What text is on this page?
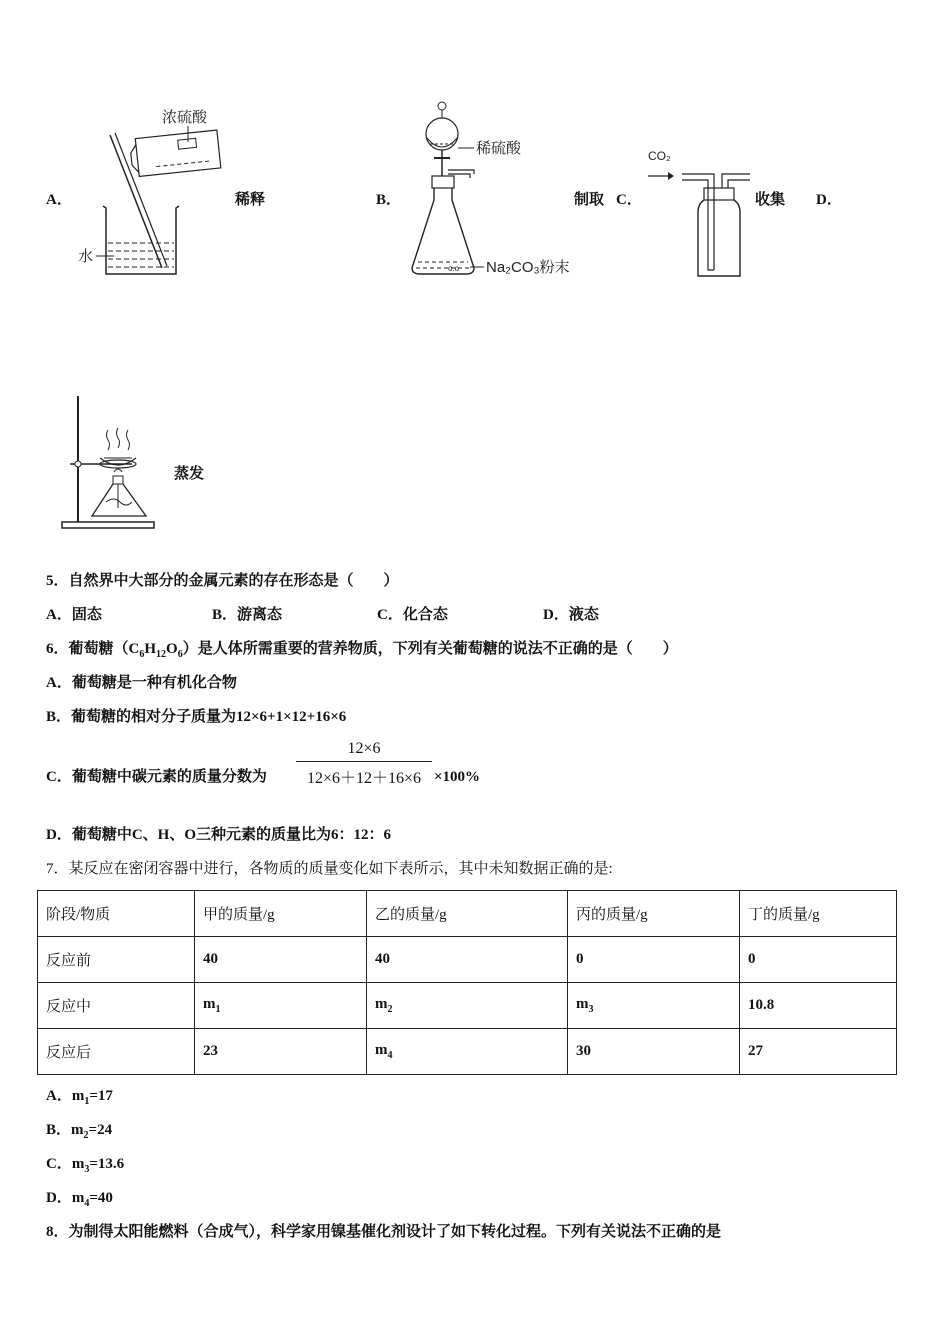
A．
浓硫酸
水
稀释	B．
稀硫酸
o.o Na₂CO₃粉末
制取 C．
CO₂
收集 D．
蒸发
5．自然界中大部分的金属元素的存在形态是（　　）
A．固态	B．游离态	C．化合态	D．液态
6．葡萄糖$(C_6H_{12}O_6)$是人体所需重要的营养物质，下列有关葡萄糖的说法不正确的是（　　）
A．葡萄糖是一种有机化合物
B．葡萄糖的相对分子质量为12×6+1×12+16×6
C．葡萄糖中碳元素的质量分数为 $\frac{12\times 6}{12\times 6+12+16\times 6} \times 100\%$
D．葡萄糖中C、H、O三种元素的质量比为6：12：6
7．某反应在密闭容器中进行，各物质的质量变化如下表所示，其中未知数据正确的是:
阶段/物质	甲的质量/g	乙的质量/g	丙的质量/g	丁的质量/g
反应前	40	40	0	0
反应中	$m_1$	$m_2$	$m_3$	10.8
反应后	23	$m_4$	30	27
A．$m_1=17$
B．$m_2=24$
C．$m_3=13.6$
D．$m_4=40$
8．为制得太阳能燃料（合成气），科学家用镍基催化剂设计了如下转化过程。下列有关说法不正确的是
